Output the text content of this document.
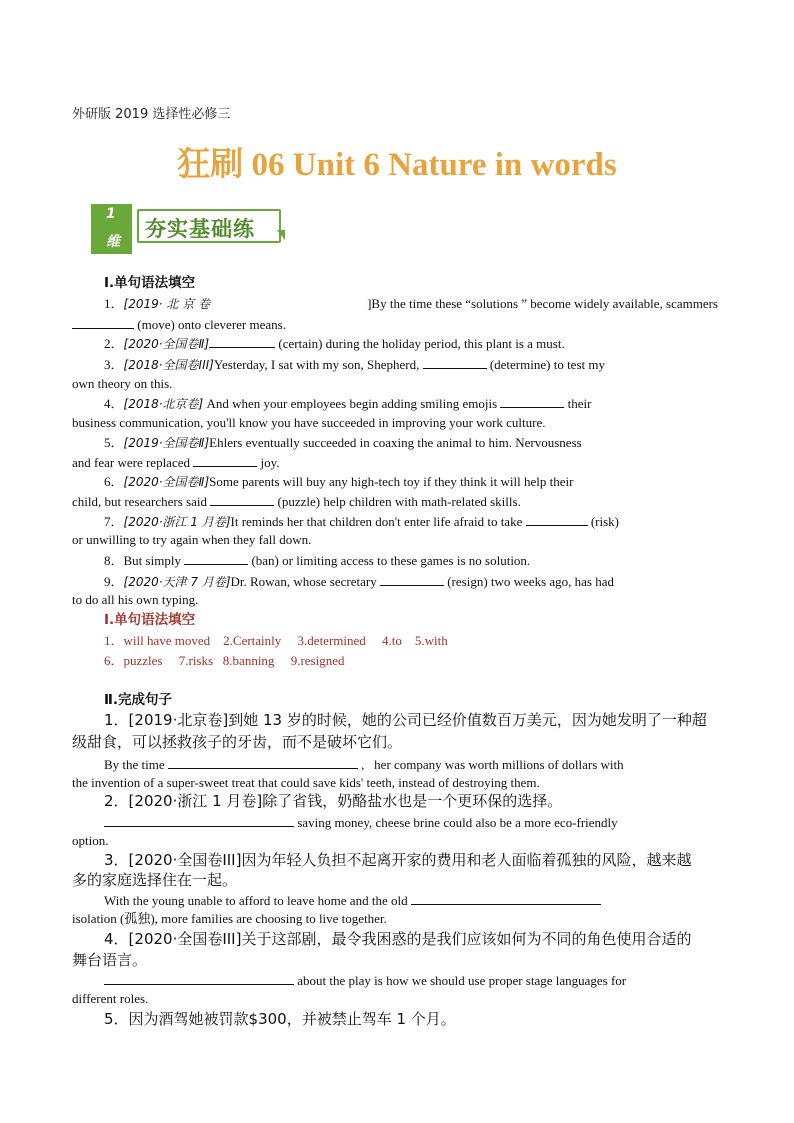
外研版 2019 选择性必修三
狂刷 06 Unit 6 Nature in words
1
维
夯实基础练
Ⅰ.单句语法填空
1．[2019· 北 京 卷	]By the time these “solutions ” become widely available, scammers
(move) onto cleverer means.
2．[2020·全国卷Ⅱ]	(certain) during the holiday period, this plant is a must.
3．[2018·全国卷III]Yesterday, I sat with my son, Shepherd,	(determine) to test my
own theory on this.
4．[2018·北京卷] And when your employees begin adding smiling emojis	their
business communication, you'll know you have succeeded in improving your work culture.
5．[2019·全国卷Ⅱ]Ehlers eventually succeeded in coaxing the animal to him. Nervousness
and fear were replaced	joy.
6．[2020·全国卷Ⅱ]Some parents will buy any high-tech toy if they think it will help their
child, but researchers said	(puzzle) help children with math-related skills.
7．[2020·浙江 1 月卷]It reminds her that children don't enter life afraid to take	(risk)
or unwilling to try again when they fall down.
8．But simply	(ban) or limiting access to these games is no solution.
9．[2020·天津 7 月卷]Dr. Rowan, whose secretary	(resign) two weeks ago, has had
to do all his own typing.
Ⅰ.单句语法填空
1．will have moved 2.Certainly 3.determined 4.to 5.with
6．puzzles 7.risks 8.banning 9.resigned
Ⅱ.完成句子
1．[2019·北京卷]到她 13 岁的时候，她的公司已经价值数百万美元，因为她发明了一种超
级甜食，可以拯救孩子的牙齿，而不是破坏它们。
By the time	,   her company was worth millions of dollars with
the invention of a super-sweet treat that could save kids' teeth, instead of destroying them.
2．[2020·浙江 1 月卷]除了省钱，奶酪盐水也是一个更环保的选择。
saving money, cheese brine could also be a more eco-friendly
option.
3．[2020·全国卷III]因为年轻人负担不起离开家的费用和老人面临着孤独的风险，越来越
多的家庭选择住在一起。
With the young unable to afford to leave home and the old
isolation (孤独), more families are choosing to live together.
4．[2020·全国卷III]关于这部剧，最令我困惑的是我们应该如何为不同的角色使用合适的
舞台语言。
about the play is how we should use proper stage languages for
different roles.
5．因为酒驾她被罚款$300，并被禁止驾车 1 个月。
